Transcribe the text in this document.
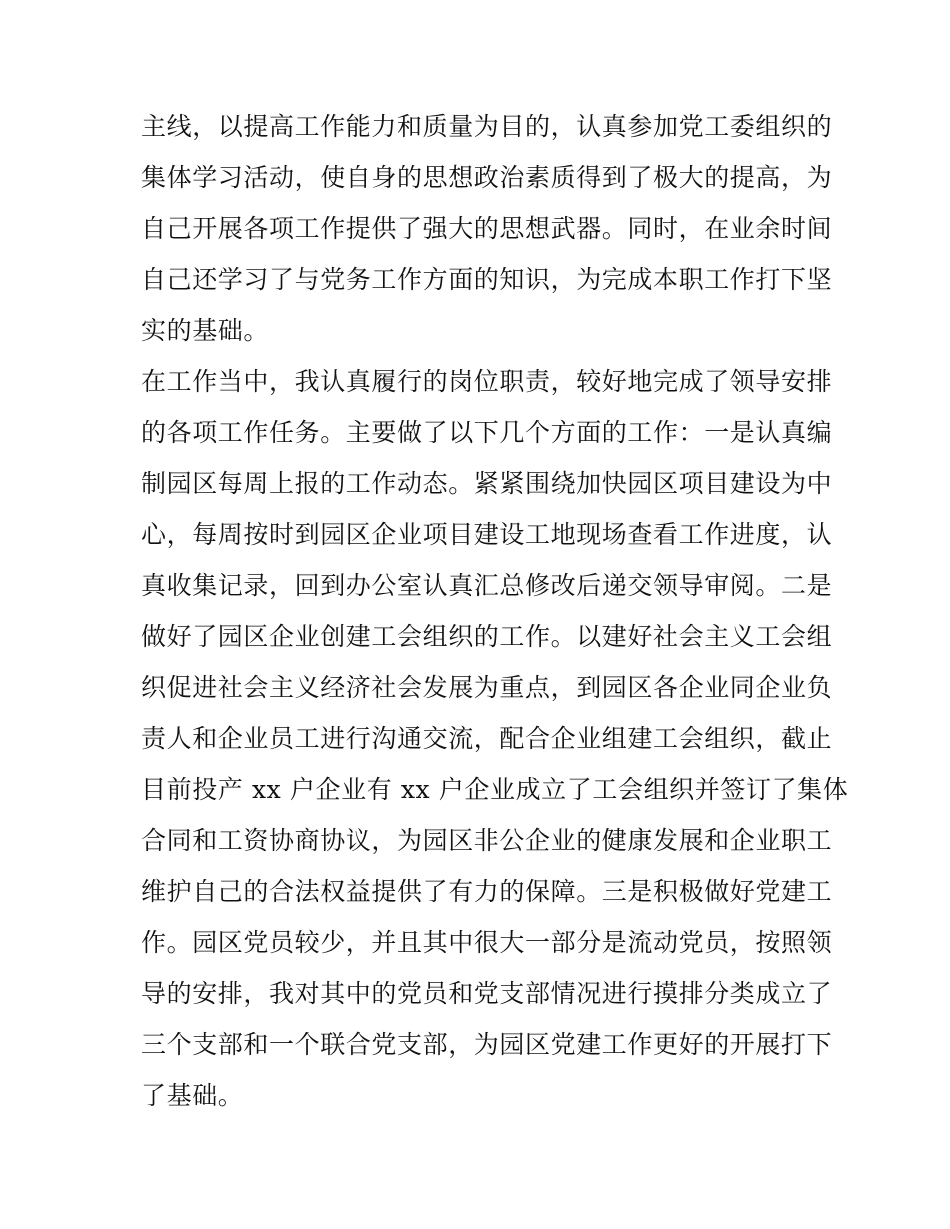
主线，以提高工作能力和质量为目的，认真参加党工委组织的
集体学习活动，使自身的思想政治素质得到了极大的提高，为
自己开展各项工作提供了强大的思想武器。同时，在业余时间
自己还学习了与党务工作方面的知识，为完成本职工作打下坚
实的基础。
在工作当中，我认真履行的岗位职责，较好地完成了领导安排
的各项工作任务。主要做了以下几个方面的工作：一是认真编
制园区每周上报的工作动态。紧紧围绕加快园区项目建设为中
心，每周按时到园区企业项目建设工地现场查看工作进度，认
真收集记录，回到办公室认真汇总修改后递交领导审阅。二是
做好了园区企业创建工会组织的工作。以建好社会主义工会组
织促进社会主义经济社会发展为重点，到园区各企业同企业负
责人和企业员工进行沟通交流，配合企业组建工会组织，截止
目前投产 xx 户企业有 xx 户企业成立了工会组织并签订了集体
合同和工资协商协议，为园区非公企业的健康发展和企业职工
维护自己的合法权益提供了有力的保障。三是积极做好党建工
作。园区党员较少，并且其中很大一部分是流动党员，按照领
导的安排，我对其中的党员和党支部情况进行摸排分类成立了
三个支部和一个联合党支部，为园区党建工作更好的开展打下
了基础。
